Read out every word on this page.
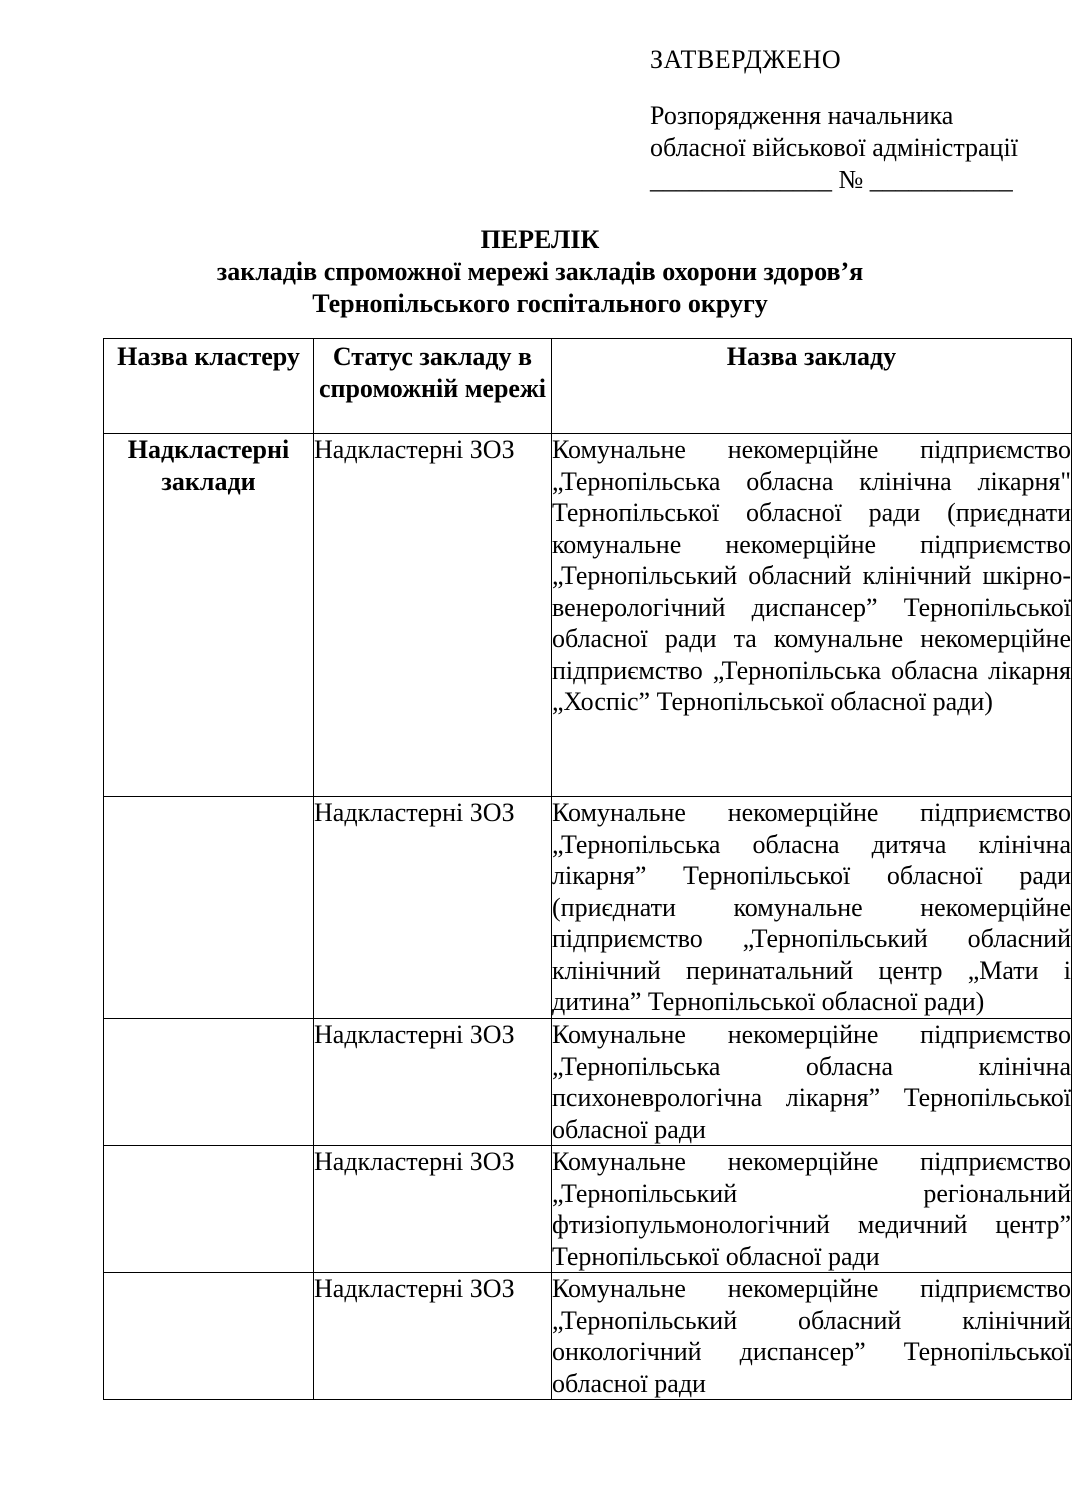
ЗАТВЕРДЖЕНО
Розпорядження начальника
обласної військової адміністрації
______________ № ___________
ПЕРЕЛІК
закладів спроможної мережі закладів охорони здоров’я
Тернопільського госпітального округу
Назва кластеру	Статус закладу в спроможній мережі	Назва закладу
Надкластерні заклади	Надкластерні ЗОЗ	Комунальне некомерційне підприємство „Тернопільська обласна клінічна лікарня" Тернопільської обласної ради (приєднати комунальне некомерційне підприємство „Тернопільський обласний клінічний шкірно-венерологічний диспансер” Тернопільської обласної ради та комунальне некомерційне підприємство „Тернопільська обласна лікарня „Хоспіс” Тернопільської обласної ради)
	Надкластерні ЗОЗ	Комунальне некомерційне підприємство „Тернопільська обласна дитяча клінічна лікарня” Тернопільської обласної ради (приєднати комунальне некомерційне підприємство „Тернопільський обласний клінічний перинатальний центр „Мати і дитина” Тернопільської обласної ради)
	Надкластерні ЗОЗ	Комунальне некомерційне підприємство „Тернопільська обласна клінічна психоневрологічна лікарня” Тернопільської обласної ради
	Надкластерні ЗОЗ	Комунальне некомерційне підприємство „Тернопільський регіональний фтизіопульмонологічний медичний центр” Тернопільської обласної ради
	Надкластерні ЗОЗ	Комунальне некомерційне підприємство „Тернопільський обласний клінічний онкологічний диспансер” Тернопільської обласної ради
